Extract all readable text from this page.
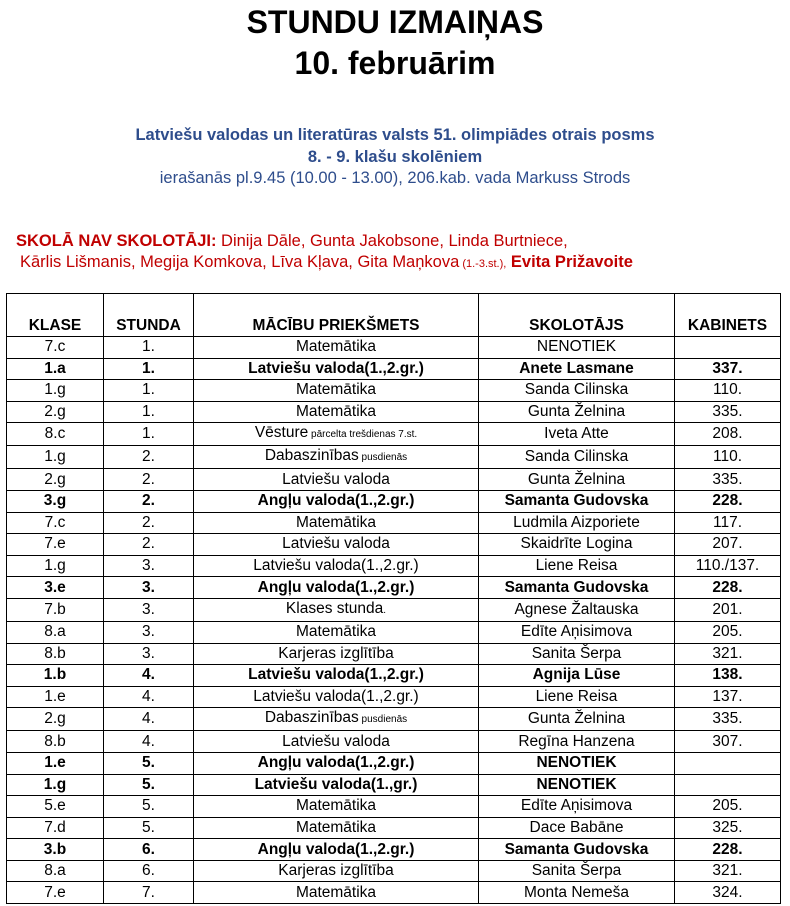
STUNDU IZMAIŅAS
10. februārim
Latviešu valodas un literatūras valsts 51. olimpiādes otrais posms
8. - 9. klašu skolēniem
ierašanās pl.9.45 (10.00 - 13.00), 206.kab. vada Markuss Strods
SKOLĀ NAV SKOLOTĀJI: Dinija Dāle, Gunta Jakobsone, Linda Burtniece,
Kārlis Lišmanis, Megija Komkova, Līva Kļava, Gita Maņkova (1.-3.st.), Evita Prižavoite
KLASE	STUNDA	MĀCĪBU PRIEKŠMETS	SKOLOTĀJS	KABINETS
7.c	1.	Matemātika	NENOTIEK	
1.a	1.	Latviešu valoda(1.,2.gr.)	Anete Lasmane	337.
1.g	1.	Matemātika	Sanda Cilinska	110.
2.g	1.	Matemātika	Gunta Želnina	335.
8.c	1.	Vēsture pārcelta trešdienas 7.st.	Iveta Atte	208.
1.g	2.	Dabaszinības pusdienās	Sanda Cilinska	110.
2.g	2.	Latviešu valoda	Gunta Želnina	335.
3.g	2.	Angļu valoda(1.,2.gr.)	Samanta Gudovska	228.
7.c	2.	Matemātika	Ludmila Aizporiete	117.
7.e	2.	Latviešu valoda	Skaidrīte Logina	207.
1.g	3.	Latviešu valoda(1.,2.gr.)	Liene Reisa	110./137.
3.e	3.	Angļu valoda(1.,2.gr.)	Samanta Gudovska	228.
7.b	3.	Klases stunda.	Agnese Žaltauska	201.
8.a	3.	Matemātika	Edīte Aņisimova	205.
8.b	3.	Karjeras izglītība	Sanita Šerpa	321.
1.b	4.	Latviešu valoda(1.,2.gr.)	Agnija Lūse	138.
1.e	4.	Latviešu valoda(1.,2.gr.)	Liene Reisa	137.
2.g	4.	Dabaszinības pusdienās	Gunta Želnina	335.
8.b	4.	Latviešu valoda	Regīna Hanzena	307.
1.e	5.	Angļu valoda(1.,2.gr.)	NENOTIEK	
1.g	5.	Latviešu valoda(1.,gr.)	NENOTIEK	
5.e	5.	Matemātika	Edīte Aņisimova	205.
7.d	5.	Matemātika	Dace Babāne	325.
3.b	6.	Angļu valoda(1.,2.gr.)	Samanta Gudovska	228.
8.a	6.	Karjeras izglītība	Sanita Šerpa	321.
7.e	7.	Matemātika	Monta Nemeša	324.
